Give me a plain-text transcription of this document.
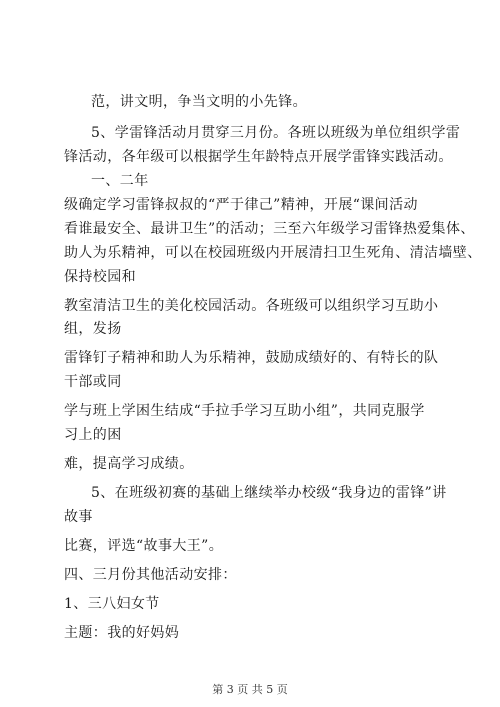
范，讲文明，争当文明的小先锋。
5、学雷锋活动月贯穿三月份。各班以班级为单位组织学雷
锋活动，各年级可以根据学生年龄特点开展学雷锋实践活动。
一、二年
级确定学习雷锋叔叔的“严于律己”精神，开展“课间活动
看谁最安全、最讲卫生”的活动；三至六年级学习雷锋热爱集体、
助人为乐精神，可以在校园班级内开展清扫卫生死角、清洁墙壁、
保持校园和
教室清洁卫生的美化校园活动。各班级可以组织学习互助小
组，发扬
雷锋钉子精神和助人为乐精神，鼓励成绩好的、有特长的队
干部或同
学与班上学困生结成“手拉手学习互助小组”，共同克服学
习上的困
难，提高学习成绩。
5、在班级初赛的基础上继续举办校级“我身边的雷锋”讲
故事
比赛，评选“故事大王”。
四、三月份其他活动安排：
1、三八妇女节
主题：我的好妈妈
第 3 页 共 5 页
